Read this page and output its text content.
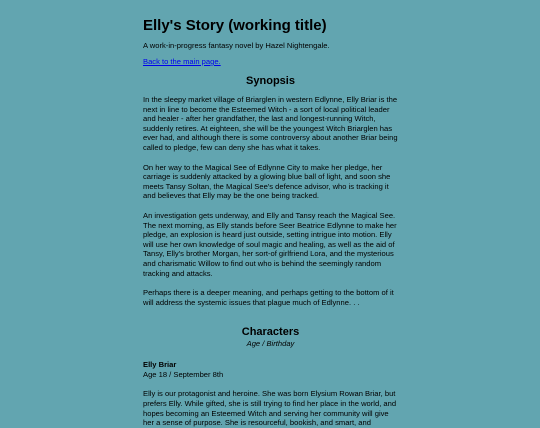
Elly's Story (working title)

A work-in-progress fantasy novel by Hazel Nightengale.

Back to the main page.
Synopsis

In the sleepy market village of Briarglen in western Edlynne, Elly Briar is the next in line to become the Esteemed Witch - a sort of local political leader and healer - after her grandfather, the last and longest-running Witch, suddenly retires. At eighteen, she will be the youngest Witch Briarglen has ever had, and although there is some controversy about another Briar being called to pledge, few can deny she has what it takes.

On her way to the Magical See of Edlynne City to make her pledge, her carriage is suddenly attacked by a glowing blue ball of light, and soon she meets Tansy Soltan, the Magical See's defence advisor, who is tracking it and believes that Elly may be the one being tracked.

An investigation gets underway, and Elly and Tansy reach the Magical See. The next morning, as Elly stands before Seer Beatrice Edlynne to make her pledge, an explosion is heard just outside, setting intrigue into motion. Elly will use her own knowledge of soul magic and healing, as well as the aid of Tansy, Elly's brother Morgan, her sort-of girlfriend Lora, and the mysterious and charismatic Willow to find out who is behind the seemingly random tracking and attacks.

Perhaps there is a deeper meaning, and perhaps getting to the bottom of it will address the systemic issues that plague much of Edlynne. . .

Characters

Age / Birthday

Elly Briar

Age 18 / September 8th

Elly is our protagonist and heroine. She was born Elysium Rowan Briar, but prefers Elly. While gifted, she is still trying to find her place in the world, and hopes becoming an Esteemed Witch and serving her community will give her a sense of purpose. She is resourceful, bookish, and smart, and
